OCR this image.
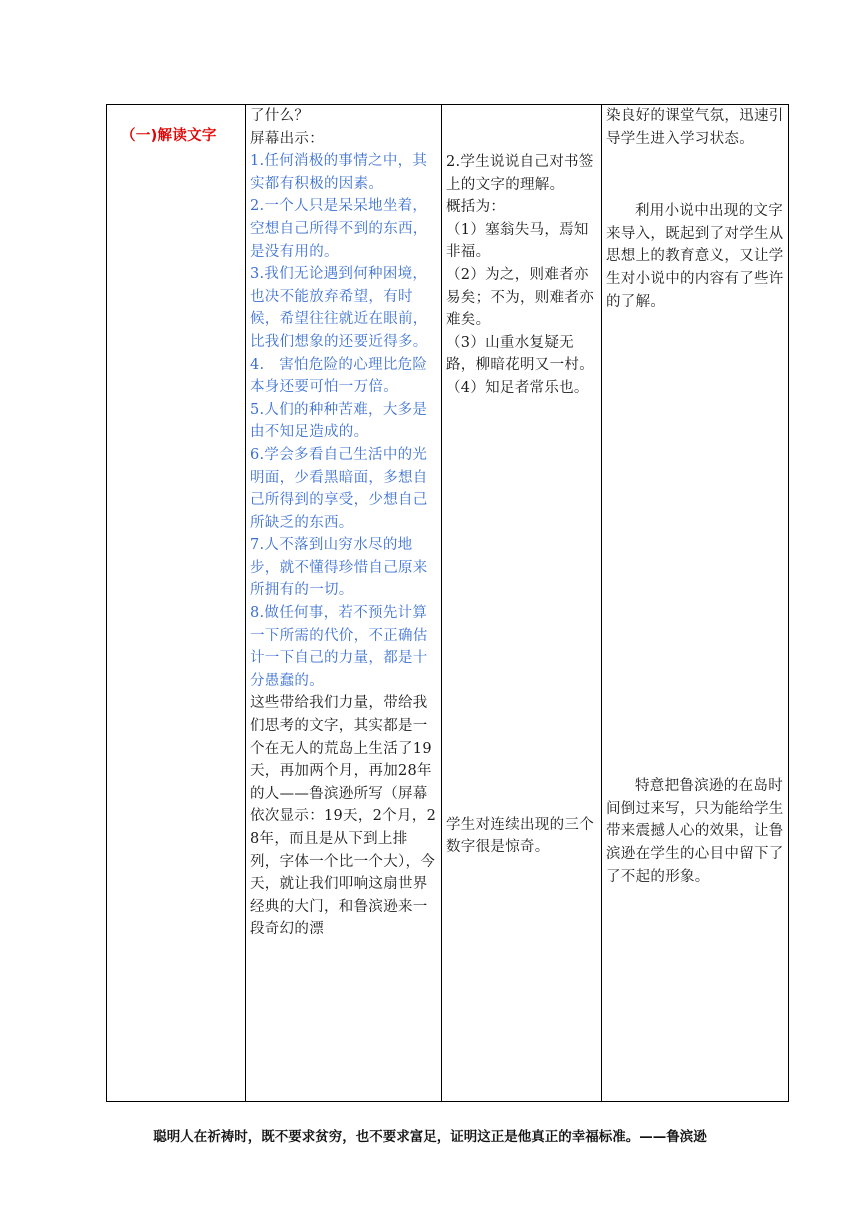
（一)解读文字

了什么？
屏幕出示：
1.任何消极的事情之中，其实都有积极的因素。
2.一个人只是呆呆地坐着，空想自己所得不到的东西，是没有用的。
3.我们无论遇到何种困境，也决不能放弃希望，有时候，希望往往就近在眼前，比我们想象的还要近得多。
4.　害怕危险的心理比危险本身还要可怕一万倍。
5.人们的种种苦难，大多是由不知足造成的。
6.学会多看自己生活中的光明面，少看黑暗面，多想自己所得到的享受，少想自己所缺乏的东西。
7.人不落到山穷水尽的地步，就不懂得珍惜自己原来所拥有的一切。
8.做任何事，若不预先计算一下所需的代价，不正确估计一下自己的力量，都是十分愚蠢的。
这些带给我们力量，带给我们思考的文字，其实都是一个在无人的荒岛上生活了19天，再加两个月，再加28年的人——鲁滨逊所写（屏幕依次显示：19天，2个月，28年，而且是从下到上排列，字体一个比一个大），今天，就让我们叩响这扇世界经典的大门，和鲁滨逊来一段奇幻的漂

2.学生说说自己对书签上的文字的理解。
概括为：
（1）塞翁失马，焉知非福。
（2）为之，则难者亦易矣；不为，则难者亦难矣。
（3）山重水复疑无路，柳暗花明又一村。
（4）知足者常乐也。
学生对连续出现的三个数字很是惊奇。

染良好的课堂气氛，迅速引导学生进入学习状态。
利用小说中出现的文字来导入，既起到了对学生从思想上的教育意义，又让学生对小说中的内容有了些许的了解。
特意把鲁滨逊的在岛时间倒过来写，只为能给学生带来震撼人心的效果，让鲁滨逊在学生的心目中留下了了不起的形象。
聪明人在祈祷时，既不要求贫穷，也不要求富足，证明这正是他真正的幸福标准。——鲁滨逊
